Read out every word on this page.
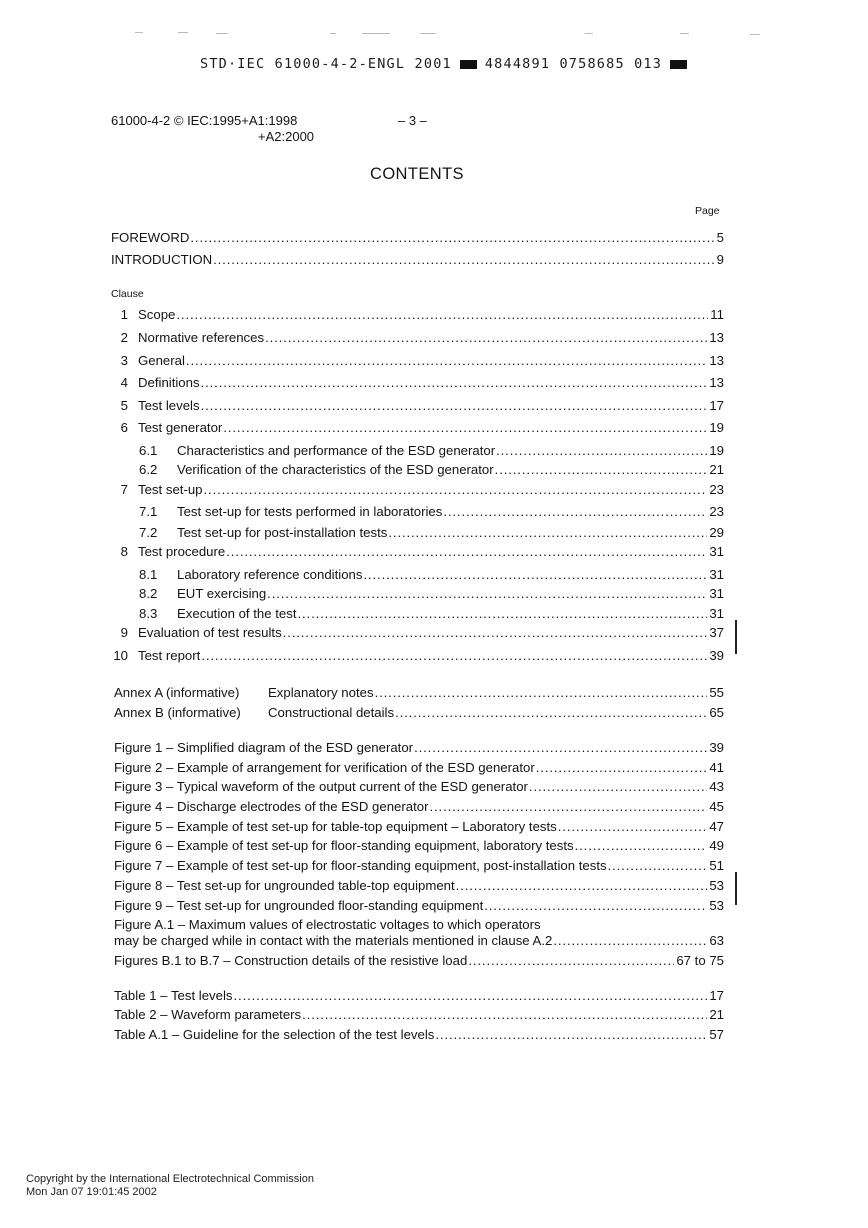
STD·IEC 61000-4-2-ENGL 2001 4844891 0758685 013
61000-4-2 © IEC:1995+A1:1998
+A2:2000
– 3 –
CONTENTS
Page
FOREWORD . . .	5
INTRODUCTION . . .	9
Clause
1 Scope . . .	11
2 Normative references . . .	13
3 General . . .	13
4 Definitions . . .	13
5 Test levels . . .	17
6 Test generator . . .	19
6.1 Characteristics and performance of the ESD generator . . .	19
6.2 Verification of the characteristics of the ESD generator . . .	21
7 Test set-up . . .	23
7.1 Test set-up for tests performed in laboratories . . .	23
7.2 Test set-up for post-installation tests . . .	29
8 Test procedure . . .	31
8.1 Laboratory reference conditions . . .	31
8.2 EUT exercising . . .	31
8.3 Execution of the test . . .	31
9 Evaluation of test results . . .	37
10 Test report . . .	39
Annex A (informative)	Explanatory notes . . .	55
Annex B (informative)	Constructional details . . .	65
Figure 1 – Simplified diagram of the ESD generator . . .	39
Figure 2 – Example of arrangement for verification of the ESD generator . . .	41
Figure 3 – Typical waveform of the output current of the ESD generator . . .	43
Figure 4 – Discharge electrodes of the ESD generator . . .	45
Figure 5 – Example of test set-up for table-top equipment – Laboratory tests . . .	47
Figure 6 – Example of test set-up for floor-standing equipment, laboratory tests . . .	49
Figure 7 – Example of test set-up for floor-standing equipment, post-installation tests . . .	51
Figure 8 – Test set-up for ungrounded table-top equipment . . .	53
Figure 9 – Test set-up for ungrounded floor-standing equipment . . .	53
Figure A.1 – Maximum values of electrostatic voltages to which operators
may be charged while in contact with the materials mentioned in clause A.2 . . .	63
Figures B.1 to B.7 – Construction details of the resistive load . . .	67 to 75
Table 1 – Test levels . . .	17
Table 2 – Waveform parameters . . .	21
Table A.1 – Guideline for the selection of the test levels . . .	57
Copyright by the International Electrotechnical Commission
Mon Jan 07 19:01:45 2002
